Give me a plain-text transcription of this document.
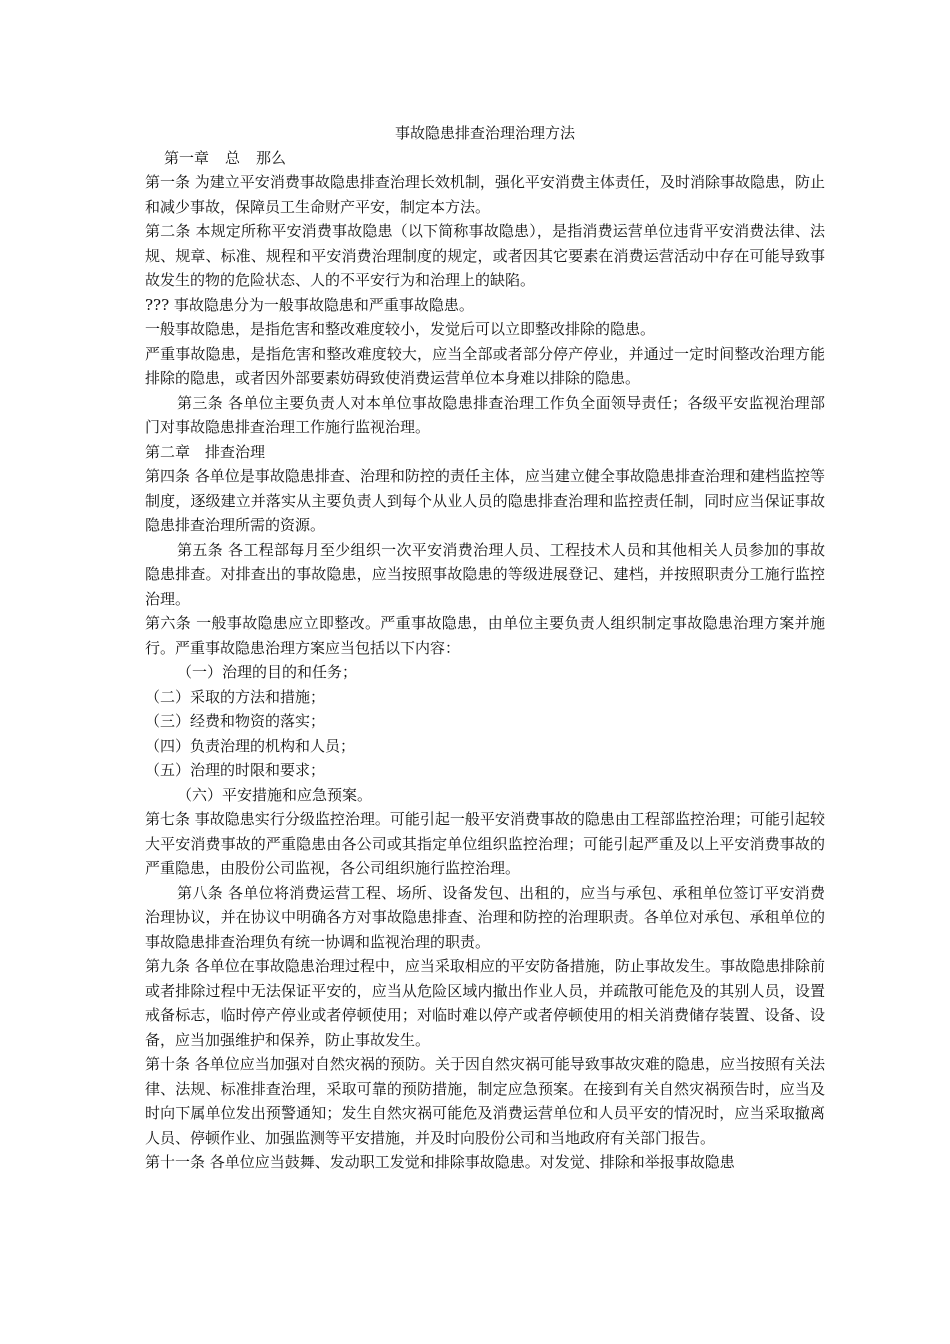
事故隐患排查治理治理方法

第一章 总 那么

第一条 为建立平安消费事故隐患排查治理长效机制，强化平安消费主体责任，及时消除事故隐患，防止和减少事故，保障员工生命财产平安，制定本方法。

第二条 本规定所称平安消费事故隐患（以下简称事故隐患），是指消费运营单位违背平安消费法律、法规、规章、标准、规程和平安消费治理制度的规定，或者因其它要素在消费运营活动中存在可能导致事故发生的物的危险状态、人的不平安行为和治理上的缺陷。

??? 事故隐患分为一般事故隐患和严重事故隐患。

一般事故隐患，是指危害和整改难度较小，发觉后可以立即整改排除的隐患。

严重事故隐患，是指危害和整改难度较大，应当全部或者部分停产停业，并通过一定时间整改治理方能排除的隐患，或者因外部要素妨碍致使消费运营单位本身难以排除的隐患。

第三条 各单位主要负责人对本单位事故隐患排查治理工作负全面领导责任；各级平安监视治理部门对事故隐患排查治理工作施行监视治理。

第二章　排查治理

第四条 各单位是事故隐患排查、治理和防控的责任主体，应当建立健全事故隐患排查治理和建档监控等制度，逐级建立并落实从主要负责人到每个从业人员的隐患排查治理和监控责任制，同时应当保证事故隐患排查治理所需的资源。

第五条 各工程部每月至少组织一次平安消费治理人员、工程技术人员和其他相关人员参加的事故隐患排查。对排查出的事故隐患，应当按照事故隐患的等级进展登记、建档，并按照职责分工施行监控治理。

第六条 一般事故隐患应立即整改。严重事故隐患，由单位主要负责人组织制定事故隐患治理方案并施行。严重事故隐患治理方案应当包括以下内容：

（一）治理的目的和任务；

（二）采取的方法和措施；

（三）经费和物资的落实；

（四）负责治理的机构和人员；

（五）治理的时限和要求；

（六）平安措施和应急预案。

第七条 事故隐患实行分级监控治理。可能引起一般平安消费事故的隐患由工程部监控治理；可能引起较大平安消费事故的严重隐患由各公司或其指定单位组织监控治理；可能引起严重及以上平安消费事故的严重隐患，由股份公司监视，各公司组织施行监控治理。

第八条 各单位将消费运营工程、场所、设备发包、出租的，应当与承包、承租单位签订平安消费治理协议，并在协议中明确各方对事故隐患排查、治理和防控的治理职责。各单位对承包、承租单位的事故隐患排查治理负有统一协调和监视治理的职责。

第九条 各单位在事故隐患治理过程中，应当采取相应的平安防备措施，防止事故发生。事故隐患排除前或者排除过程中无法保证平安的，应当从危险区域内撤出作业人员，并疏散可能危及的其别人员，设置戒备标志，临时停产停业或者停顿使用；对临时难以停产或者停顿使用的相关消费储存装置、设备、设备，应当加强维护和保养，防止事故发生。

第十条 各单位应当加强对自然灾祸的预防。关于因自然灾祸可能导致事故灾难的隐患，应当按照有关法律、法规、标准排查治理，采取可靠的预防措施，制定应急预案。在接到有关自然灾祸预告时，应当及时向下属单位发出预警通知；发生自然灾祸可能危及消费运营单位和人员平安的情况时，应当采取撤离人员、停顿作业、加强监测等平安措施，并及时向股份公司和当地政府有关部门报告。

第十一条 各单位应当鼓舞、发动职工发觉和排除事故隐患。对发觉、排除和举报事故隐患
